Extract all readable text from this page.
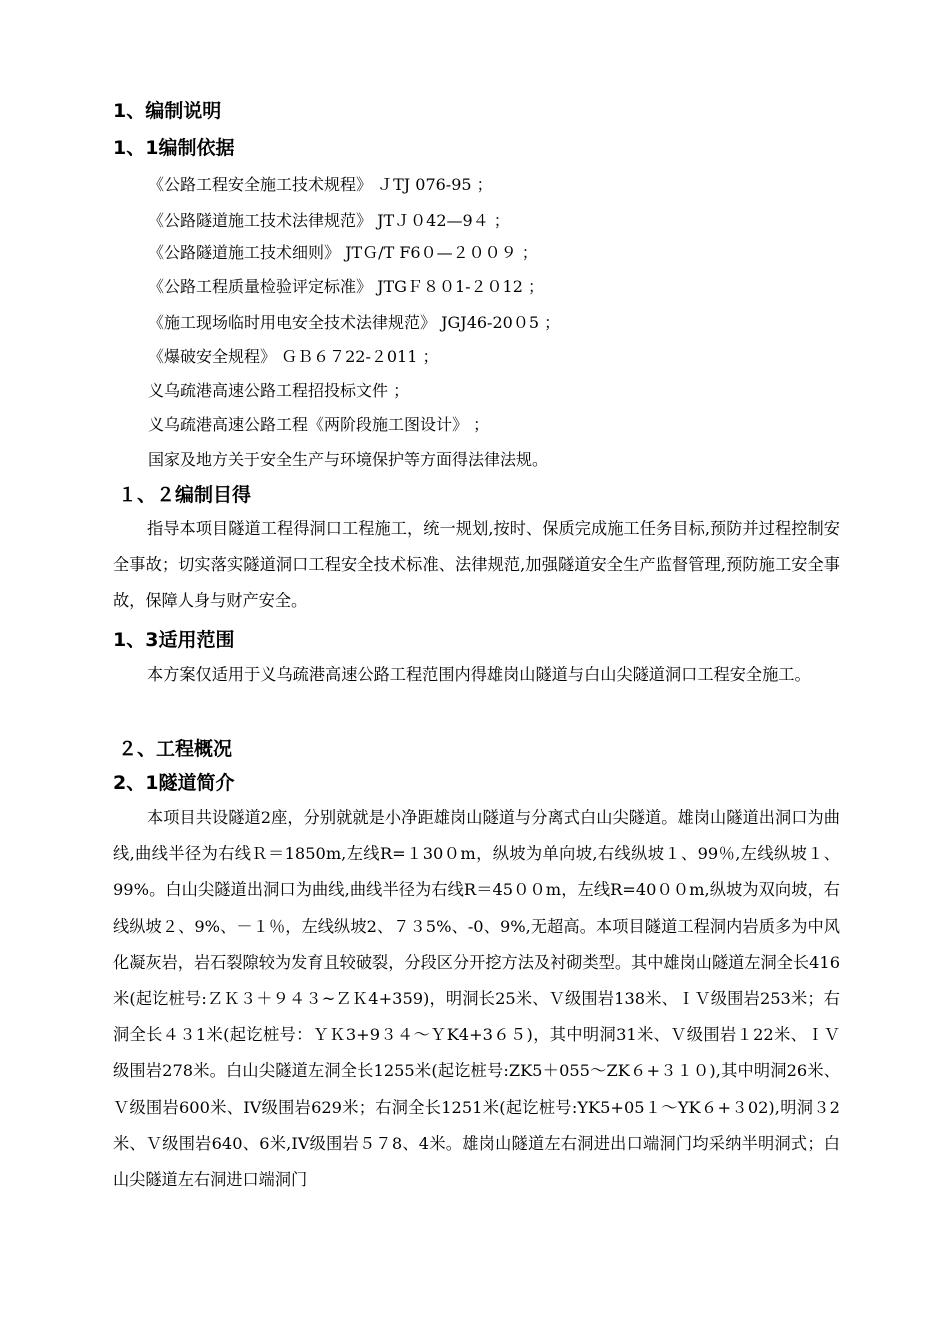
1、编制说明
1、1编制依据
《公路工程安全施工技术规程》 ＪTJ 076-95 ；
《公路隧道施工技术法律规范》 JTＪ０42—9４ ；
《公路隧道施工技术细则》 JTＧ/T F6０—２００９ ；
《公路工程质量检验评定标准》 JTGＦ８０1-２０12 ；
《施工现场临时用电安全技术法律规范》 JGJ46-20０5 ；
《爆破安全规程》 ＧＢ６７22-２011 ；
义乌疏港高速公路工程招投标文件 ；
义乌疏港高速公路工程《两阶段施工图设计》 ；
国家及地方关于安全生产与环境保护等方面得法律法规。
１、２编制目得
指导本项目隧道工程得洞口工程施工，统一规划,按时、保质完成施工任务目标,预防并过程控制安全事故；切实落实隧道洞口工程安全技术标准、法律规范,加强隧道安全生产监督管理,预防施工安全事故，保障人身与财产安全。
1、3适用范围
本方案仅适用于义乌疏港高速公路工程范围内得雄岗山隧道与白山尖隧道洞口工程安全施工。
２、工程概况
2、1隧道简介
本项目共设隧道2座，分别就就是小净距雄岗山隧道与分离式白山尖隧道。雄岗山隧道出洞口为曲线,曲线半径为右线Ｒ＝1850m,左线R=１30０m，纵坡为单向坡,右线纵坡１、99％,左线纵坡１、99%。白山尖隧道出洞口为曲线,曲线半径为右线R＝45００m，左线R=40００m,纵坡为双向坡，右线纵坡２、9%、－１％，左线纵坡2、７３5%、-0、9%,无超高。本项目隧道工程洞内岩质多为中风化凝灰岩，岩石裂隙较为发育且较破裂，分段区分开挖方法及衬砌类型。其中雄岗山隧道左洞全长416米(起讫桩号:ＺＫ３＋９４３~ＺＫ4+359)，明洞长25米、Ｖ级围岩138米、ＩＶ级围岩253米；右洞全长４３1米(起讫桩号：ＹＫ3+9３４～ＹK4+3６５)，其中明洞31米、Ｖ级围岩１22米、ＩＶ级围岩278米。白山尖隧道左洞全长1255米(起讫桩号:ZK5＋055～ZK６+３１０),其中明洞26米、Ｖ级围岩600米、IV级围岩629米；右洞全长1251米(起讫桩号:YK5+05１～YK６+３02),明洞３2米、Ｖ级围岩640、6米,IV级围岩５７8、4米。雄岗山隧道左右洞进出口端洞门均采纳半明洞式；白山尖隧道左右洞进口端洞门
